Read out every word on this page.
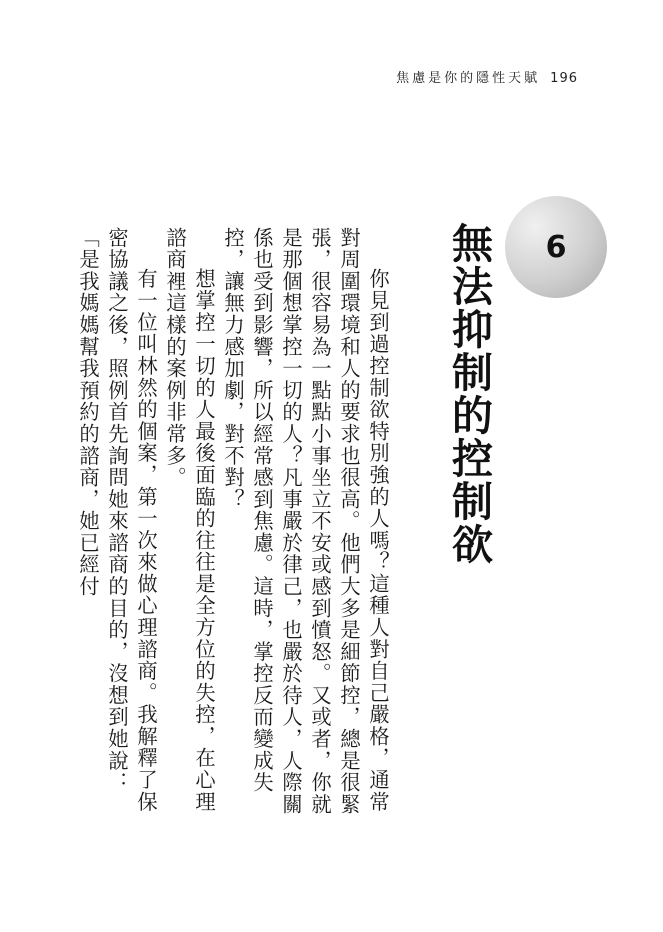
焦慮是你的隱性天賦 196
6
無法抑制的控制欲

你見到過控制欲特別強的人嗎？這種人對自己嚴格，通常對周圍環境和人的要求也很高。他們大多是細節控，總是很緊張，很容易為一點點小事坐立不安或感到憤怒。又或者，你就是那個想掌控一切的人？凡事嚴於律己，也嚴於待人，人際關係也受到影響，所以經常感到焦慮。這時，掌控反而變成失控，讓無力感加劇，對不對？

想掌控一切的人最後面臨的往往是全方位的失控，在心理諮商裡這樣的案例非常多。

有一位叫林然的個案，第一次來做心理諮商。我解釋了保密協議之後，照例首先詢問她來諮商的目的，沒想到她說：「是我媽媽幫我預約的諮商，她已經付
